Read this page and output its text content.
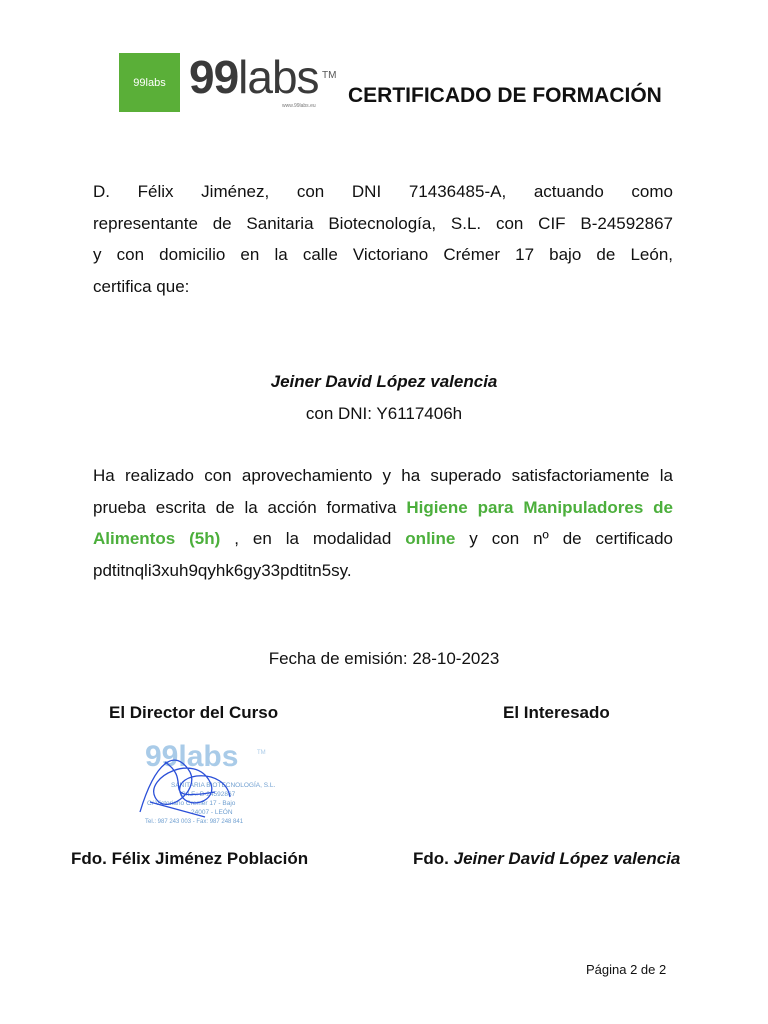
99labs 99labs TM
www.99labs.eu CERTIFICADO DE FORMACIÓN
D. Félix Jiménez, con DNI 71436485-A, actuando como
representante de Sanitaria Biotecnología, S.L. con CIF B-24592867
y con domicilio en la calle Victoriano Crémer 17 bajo de León,
certifica que:
Jeiner David López valencia
con DNI: Y6117406h
Ha realizado con aprovechamiento y ha superado satisfactoriamente la prueba escrita de la acción formativa Higiene para Manipuladores de Alimentos (5h) , en la modalidad online y con nº de certificado pdtitnqli3xuh9qyhk6gy33pdtitn5sy.
Fecha de emisión: 28-10-2023
El Director del Curso	El Interesado
99labs	TM
SANITARIA BIOTECNOLOGÍA, S.L.
C.I.F.: B-24592867
C/ Victoriano Cremer 17 - Bajo
24007 - LEÓN
Tel.: 987 243 003 - Fax: 987 248 841
Fdo. Félix Jiménez Población	Fdo. Jeiner David López valencia
Página 2 de 2
